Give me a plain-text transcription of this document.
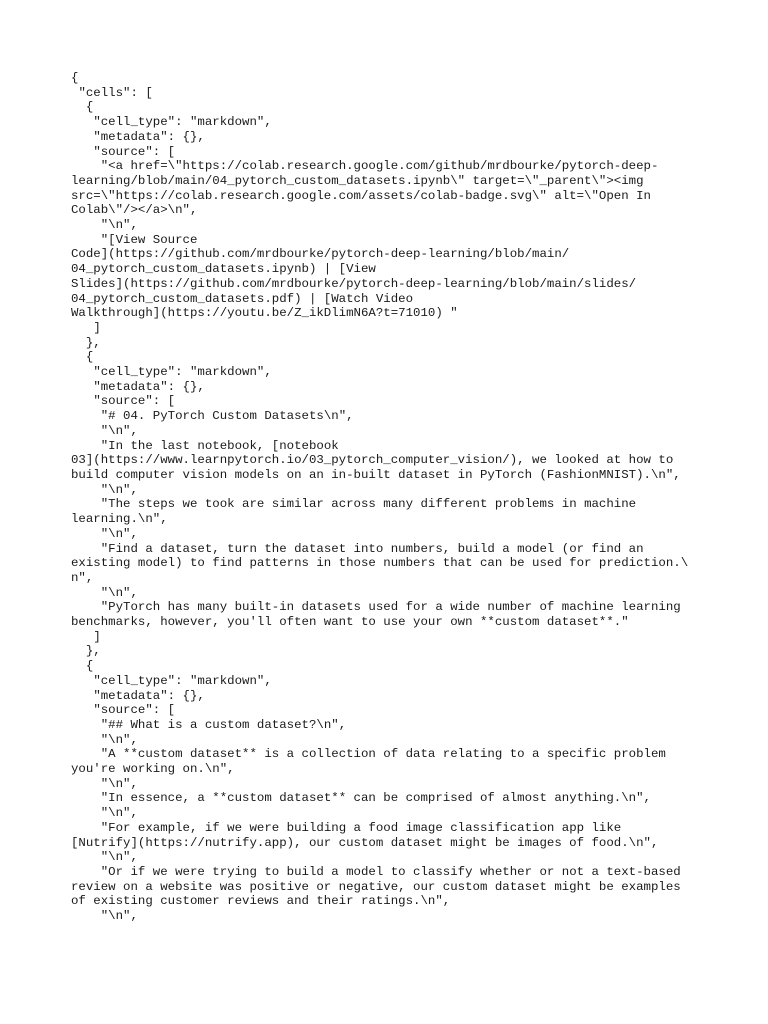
{
"cells": [
{
"cell_type": "markdown",
"metadata": {},
"source": [
"<a href=\"https://colab.research.google.com/github/mrdbourke/pytorch-deep-
learning/blob/main/04_pytorch_custom_datasets.ipynb\" target=\"_parent\"><img
src=\"https://colab.research.google.com/assets/colab-badge.svg\" alt=\"Open In
Colab\"/></a>\n",
"\n",
"[View Source
Code](https://github.com/mrdbourke/pytorch-deep-learning/blob/main/
04_pytorch_custom_datasets.ipynb) | [View
Slides](https://github.com/mrdbourke/pytorch-deep-learning/blob/main/slides/
04_pytorch_custom_datasets.pdf) | [Watch Video
Walkthrough](https://youtu.be/Z_ikDlimN6A?t=71010) "
]
},
{
"cell_type": "markdown",
"metadata": {},
"source": [
"# 04. PyTorch Custom Datasets\n",
"\n",
"In the last notebook, [notebook
03](https://www.learnpytorch.io/03_pytorch_computer_vision/), we looked at how to
build computer vision models on an in-built dataset in PyTorch (FashionMNIST).\n",
"\n",
"The steps we took are similar across many different problems in machine
learning.\n",
"\n",
"Find a dataset, turn the dataset into numbers, build a model (or find an
existing model) to find patterns in those numbers that can be used for prediction.\
n",
"\n",
"PyTorch has many built-in datasets used for a wide number of machine learning
benchmarks, however, you'll often want to use your own **custom dataset**."
]
},
{
"cell_type": "markdown",
"metadata": {},
"source": [
"## What is a custom dataset?\n",
"\n",
"A **custom dataset** is a collection of data relating to a specific problem
you're working on.\n",
"\n",
"In essence, a **custom dataset** can be comprised of almost anything.\n",
"\n",
"For example, if we were building a food image classification app like
[Nutrify](https://nutrify.app), our custom dataset might be images of food.\n",
"\n",
"Or if we were trying to build a model to classify whether or not a text-based
review on a website was positive or negative, our custom dataset might be examples
of existing customer reviews and their ratings.\n",
"\n",
